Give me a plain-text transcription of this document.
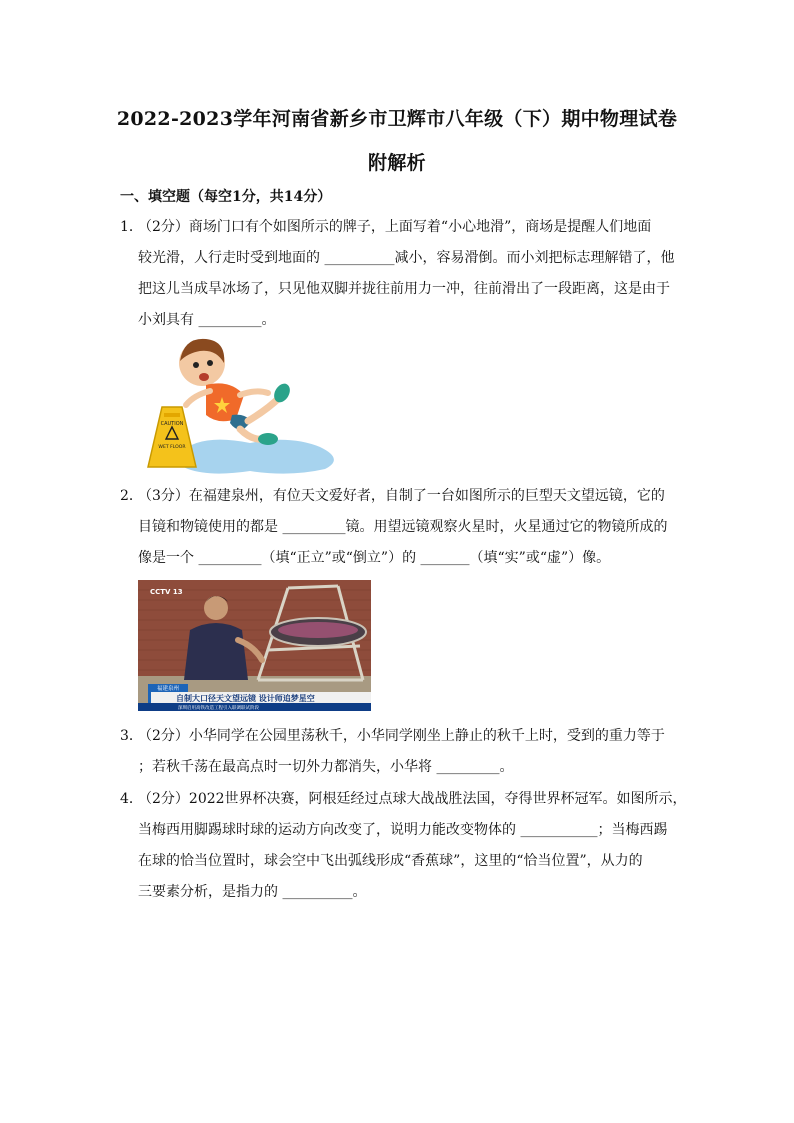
2022-2023学年河南省新乡市卫辉市八年级（下）期中物理试卷
附解析
一、填空题（每空1分，共14分）
1．
（2分）商场门口有个如图所示的牌子，上面写着“小心地滑”，商场是提醒人们地面
较光滑，人行走时受到地面的 __________减小，容易滑倒。而小刘把标志理解错了，他
把这儿当成旱冰场了，只见他双脚并拢往前用力一冲，往前滑出了一段距离，这是由于
小刘具有 _________。
CAUTION
WET FLOOR
2．
（3分）在福建泉州，有位天文爱好者，自制了一台如图所示的巨型天文望远镜，它的
目镜和物镜使用的都是 _________镜。用望远镜观察火星时，火星通过它的物镜所成的
像是一个 _________（填“正立”或“倒立”）的 _______（填“实”或“虚”）像。
CCTV 13
福建泉州
自制大口径天文望远镜 设计师追梦星空
深圳启用高铁改造工程引入联调联试阶段
3．
（2分）小华同学在公园里荡秋千，小华同学刚坐上静止的秋千上时，受到的重力等于
；若秋千荡在最高点时一切外力都消失，小华将 _________。
4．
（2分）2022世界杯决赛，阿根廷经过点球大战战胜法国，夺得世界杯冠军。如图所示，
当梅西用脚踢球时球的运动方向改变了，说明力能改变物体的 ___________；当梅西踢
在球的恰当位置时，球会空中飞出弧线形成“香蕉球”，这里的“恰当位置”，从力的
三要素分析，是指力的 __________。
